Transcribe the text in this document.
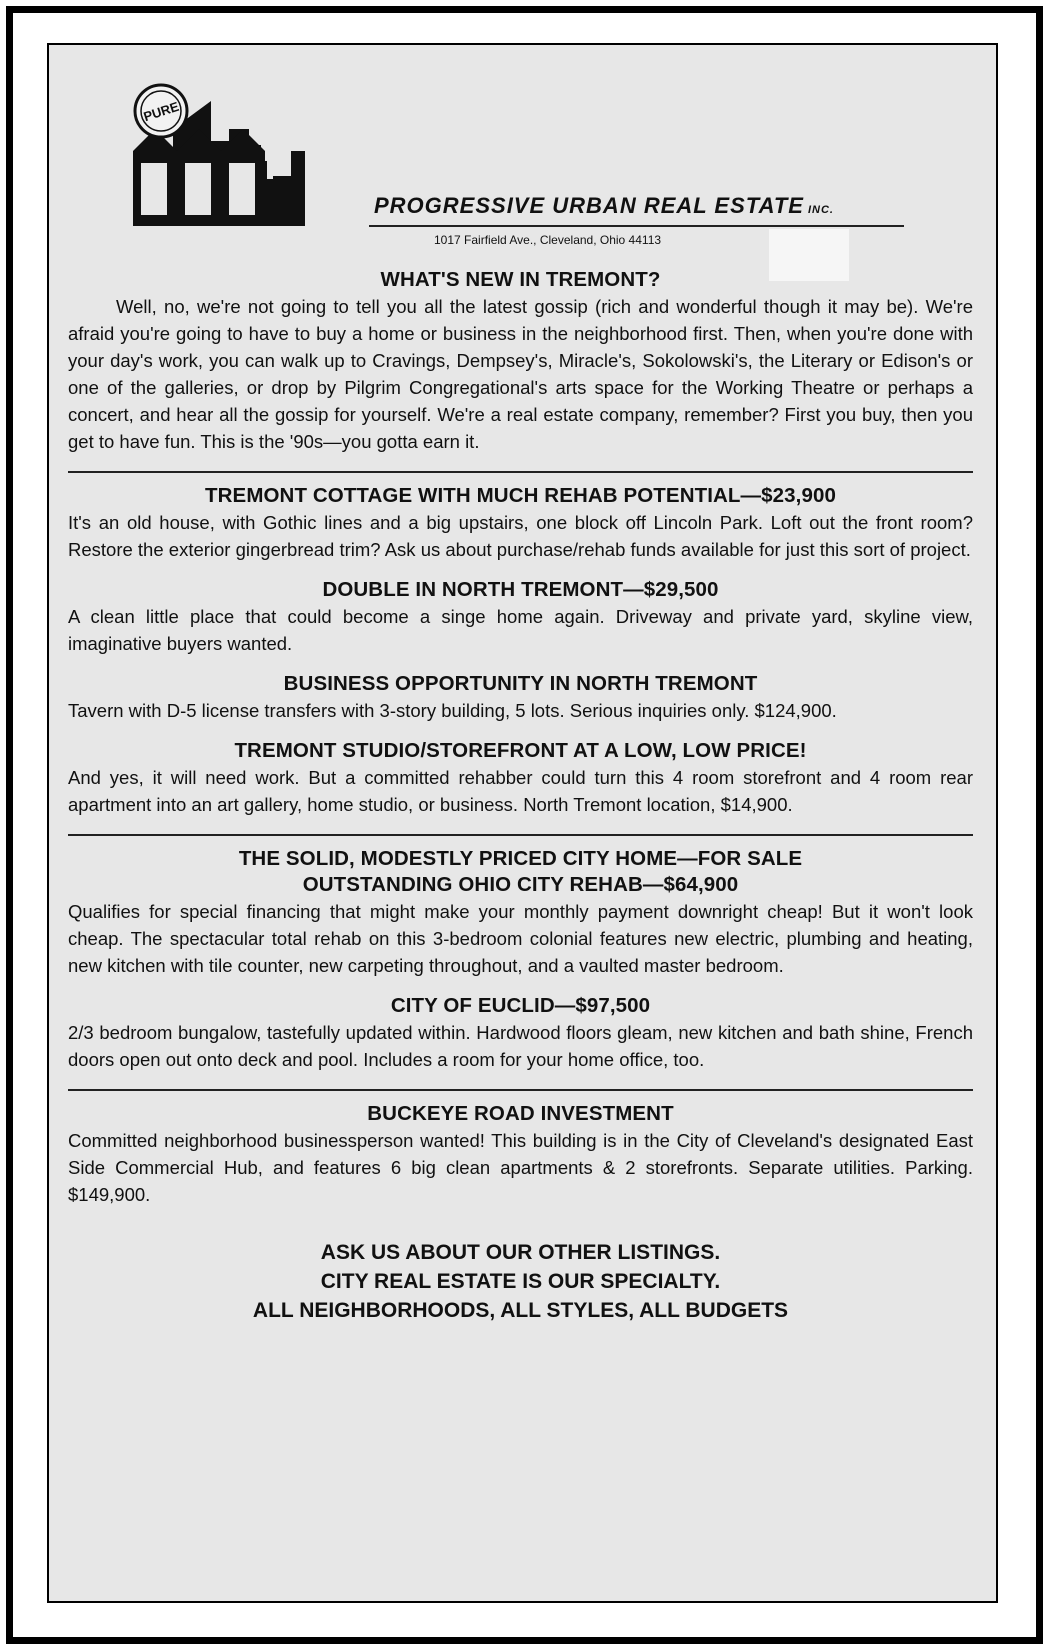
PURE
PROGRESSIVE URBAN REAL ESTATE INC.
1017 Fairfield Ave., Cleveland, Ohio 44113
WHAT'S NEW IN TREMONT?

Well, no, we're not going to tell you all the latest gossip (rich and wonderful though it may be). We're afraid you're going to have to buy a home or business in the neighborhood first. Then, when you're done with your day's work, you can walk up to Cravings, Dempsey's, Miracle's, Sokolowski's, the Literary or Edison's or one of the galleries, or drop by Pilgrim Congregational's arts space for the Working Theatre or perhaps a concert, and hear all the gossip for yourself. We're a real estate company, remember? First you buy, then you get to have fun. This is the '90s—you gotta earn it.

TREMONT COTTAGE WITH MUCH REHAB POTENTIAL—$23,900

It's an old house, with Gothic lines and a big upstairs, one block off Lincoln Park. Loft out the front room? Restore the exterior gingerbread trim? Ask us about purchase/rehab funds available for just this sort of project.

DOUBLE IN NORTH TREMONT—$29,500

A clean little place that could become a singe home again. Driveway and private yard, skyline view, imaginative buyers wanted.

BUSINESS OPPORTUNITY IN NORTH TREMONT

Tavern with D-5 license transfers with 3-story building, 5 lots. Serious inquiries only. $124,900.

TREMONT STUDIO/STOREFRONT AT A LOW, LOW PRICE!

And yes, it will need work. But a committed rehabber could turn this 4 room storefront and 4 room rear apartment into an art gallery, home studio, or business. North Tremont location, $14,900.

THE SOLID, MODESTLY PRICED CITY HOME—FOR SALE
OUTSTANDING OHIO CITY REHAB—$64,900

Qualifies for special financing that might make your monthly payment downright cheap! But it won't look cheap. The spectacular total rehab on this 3-bedroom colonial features new electric, plumbing and heating, new kitchen with tile counter, new carpeting throughout, and a vaulted master bedroom.

CITY OF EUCLID—$97,500

2/3 bedroom bungalow, tastefully updated within. Hardwood floors gleam, new kitchen and bath shine, French doors open out onto deck and pool. Includes a room for your home office, too.

BUCKEYE ROAD INVESTMENT

Committed neighborhood businessperson wanted! This building is in the City of Cleveland's designated East Side Commercial Hub, and features 6 big clean apartments & 2 storefronts. Separate utilities. Parking. $149,900.

ASK US ABOUT OUR OTHER LISTINGS.
CITY REAL ESTATE IS OUR SPECIALTY.
ALL NEIGHBORHOODS, ALL STYLES, ALL BUDGETS
